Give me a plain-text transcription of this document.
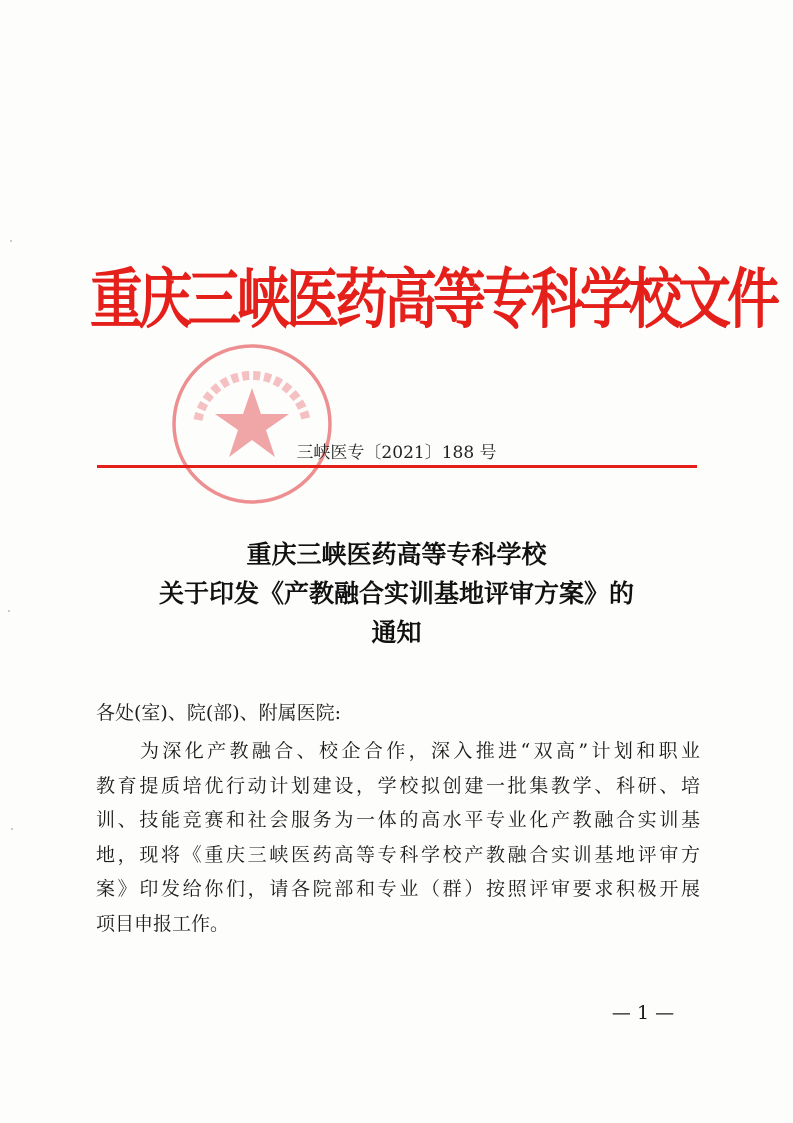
重庆三峡医药高等专科学校文件
三峡医专〔2021〕188 号
重庆三峡医药高等专科学校
关于印发《产教融合实训基地评审方案》的
通知
各处(室)、院(部)、附属医院:
为深化产教融合、校企合作，深入推进“双高”计划和职业
教育提质培优行动计划建设，学校拟创建一批集教学、科研、培
训、技能竞赛和社会服务为一体的高水平专业化产教融合实训基
地，现将《重庆三峡医药高等专科学校产教融合实训基地评审方
案》印发给你们，请各院部和专业（群）按照评审要求积极开展
项目申报工作。
— 1 —
